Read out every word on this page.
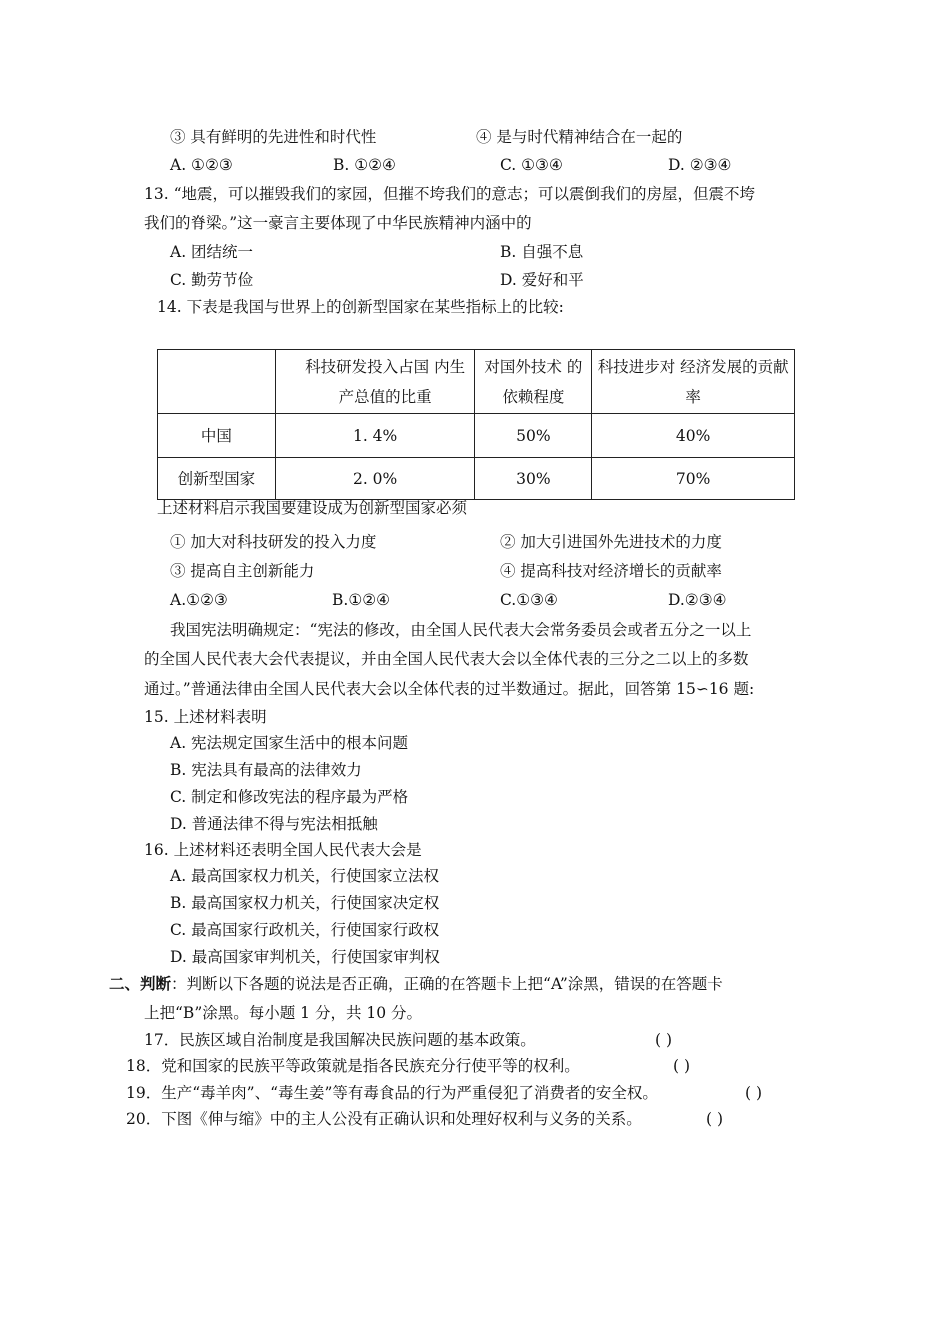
③ 具有鲜明的先进性和时代性	④ 是与时代精神结合在一起的
A. ①②③	B. ①②④	C. ①③④	D. ②③④
13. “地震，可以摧毁我们的家园，但摧不垮我们的意志；可以震倒我们的房屋，但震不垮
我们的脊梁。”这一豪言主要体现了中华民族精神内涵中的
A. 团结统一	B. 自强不息
C. 勤劳节俭	D. 爱好和平
14. 下表是我国与世界上的创新型国家在某些指标上的比较:

	科技研发投入占国 内生产总值的比重	对国外技术 的依赖程度	科技进步对 经济发展的贡献率

中国	1. 4%	50%	40%
创新型国家	2. 0%	30%	70%
上述材料启示我国要建设成为创新型国家必须
① 加大对科技研发的投入力度	② 加大引进国外先进技术的力度
③ 提高自主创新能力	④ 提高科技对经济增长的贡献率
A.①②③	B.①②④	C.①③④	D.②③④
我国宪法明确规定：“宪法的修改，由全国人民代表大会常务委员会或者五分之一以上
的全国人民代表大会代表提议，并由全国人民代表大会以全体代表的三分之二以上的多数
通过。”普通法律由全国人民代表大会以全体代表的过半数通过。据此，回答第 15∽16 题:
15. 上述材料表明
A. 宪法规定国家生活中的根本问题
B. 宪法具有最高的法律效力
C. 制定和修改宪法的程序最为严格
D. 普通法律不得与宪法相抵触
16. 上述材料还表明全国人民代表大会是
A. 最高国家权力机关，行使国家立法权
B. 最高国家权力机关，行使国家决定权
C. 最高国家行政机关，行使国家行政权
D. 最高国家审判机关，行使国家审判权
二、判断：判断以下各题的说法是否正确，正确的在答题卡上把“A”涂黑，错误的在答题卡
上把“B”涂黑。每小题 1 分，共 10 分。
17．民族区域自治制度是我国解决民族问题的基本政策。	( )
18．党和国家的民族平等政策就是指各民族充分行使平等的权利。	( )
19．生产“毒羊肉”、“毒生姜”等有毒食品的行为严重侵犯了消费者的安全权。	( )
20．下图《伸与缩》中的主人公没有正确认识和处理好权利与义务的关系。	( )
